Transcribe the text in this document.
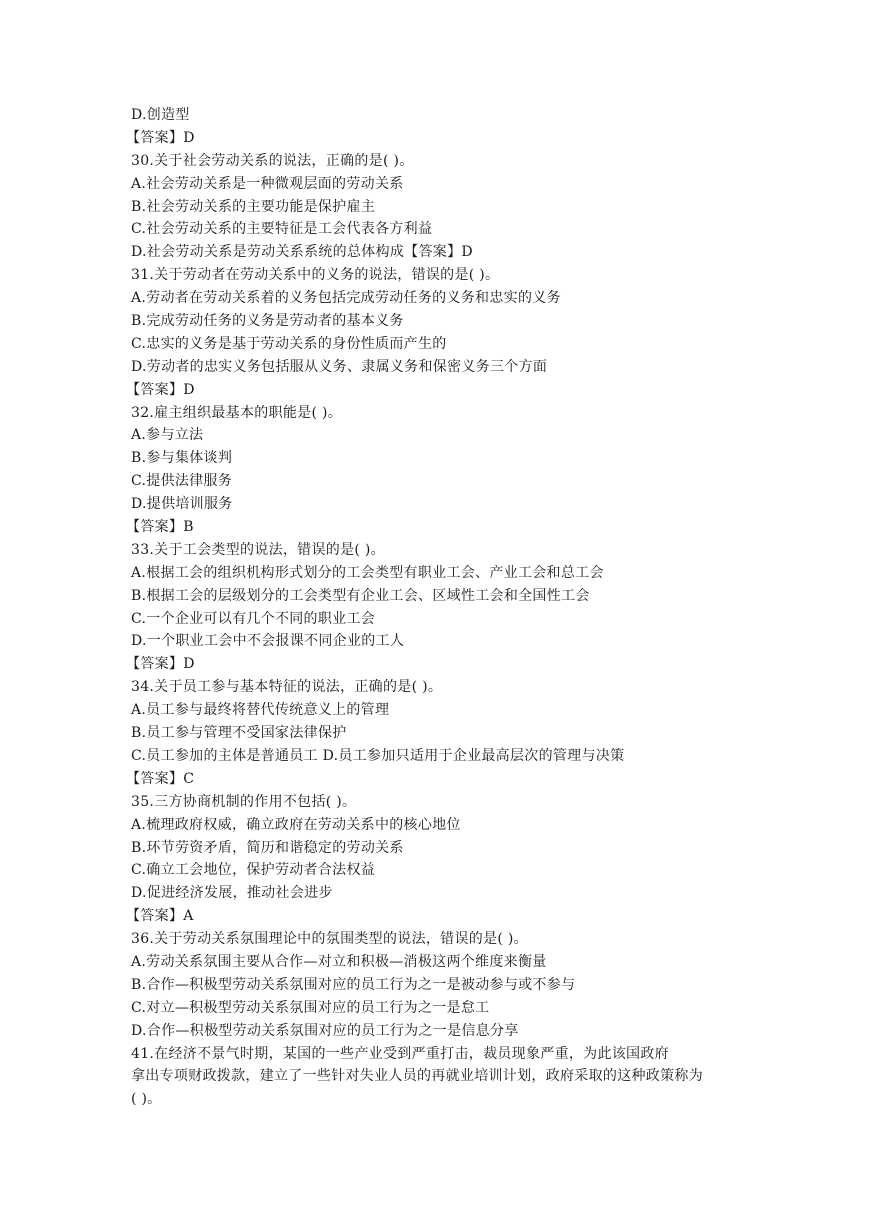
D.创造型
【答案】D
30.关于社会劳动关系的说法，正确的是( )。
A.社会劳动关系是一种微观层面的劳动关系
B.社会劳动关系的主要功能是保护雇主
C.社会劳动关系的主要特征是工会代表各方利益
D.社会劳动关系是劳动关系系统的总体构成【答案】D
31.关于劳动者在劳动关系中的义务的说法，错误的是( )。
A.劳动者在劳动关系着的义务包括完成劳动任务的义务和忠实的义务
B.完成劳动任务的义务是劳动者的基本义务
C.忠实的义务是基于劳动关系的身份性质而产生的
D.劳动者的忠实义务包括服从义务、隶属义务和保密义务三个方面
【答案】D
32.雇主组织最基本的职能是( )。
A.参与立法
B.参与集体谈判
C.提供法律服务
D.提供培训服务
【答案】B
33.关于工会类型的说法，错误的是( )。
A.根据工会的组织机构形式划分的工会类型有职业工会、产业工会和总工会
B.根据工会的层级划分的工会类型有企业工会、区域性工会和全国性工会
C.一个企业可以有几个不同的职业工会
D.一个职业工会中不会报课不同企业的工人
【答案】D
34.关于员工参与基本特征的说法，正确的是( )。
A.员工参与最终将替代传统意义上的管理
B.员工参与管理不受国家法律保护
C.员工参加的主体是普通员工 D.员工参加只适用于企业最高层次的管理与决策
【答案】C
35.三方协商机制的作用不包括( )。
A.梳理政府权威，确立政府在劳动关系中的核心地位
B.环节劳资矛盾，简历和谐稳定的劳动关系
C.确立工会地位，保护劳动者合法权益
D.促进经济发展，推动社会进步
【答案】A
36.关于劳动关系氛围理论中的氛围类型的说法，错误的是( )。
A.劳动关系氛围主要从合作—对立和积极—消极这两个维度来衡量
B.合作—积极型劳动关系氛围对应的员工行为之一是被动参与或不参与
C.对立—积极型劳动关系氛围对应的员工行为之一是怠工
D.合作—积极型劳动关系氛围对应的员工行为之一是信息分享
41.在经济不景气时期，某国的一些产业受到严重打击，裁员现象严重，为此该国政府
拿出专项财政拨款，建立了一些针对失业人员的再就业培训计划，政府采取的这种政策称为
( )。
